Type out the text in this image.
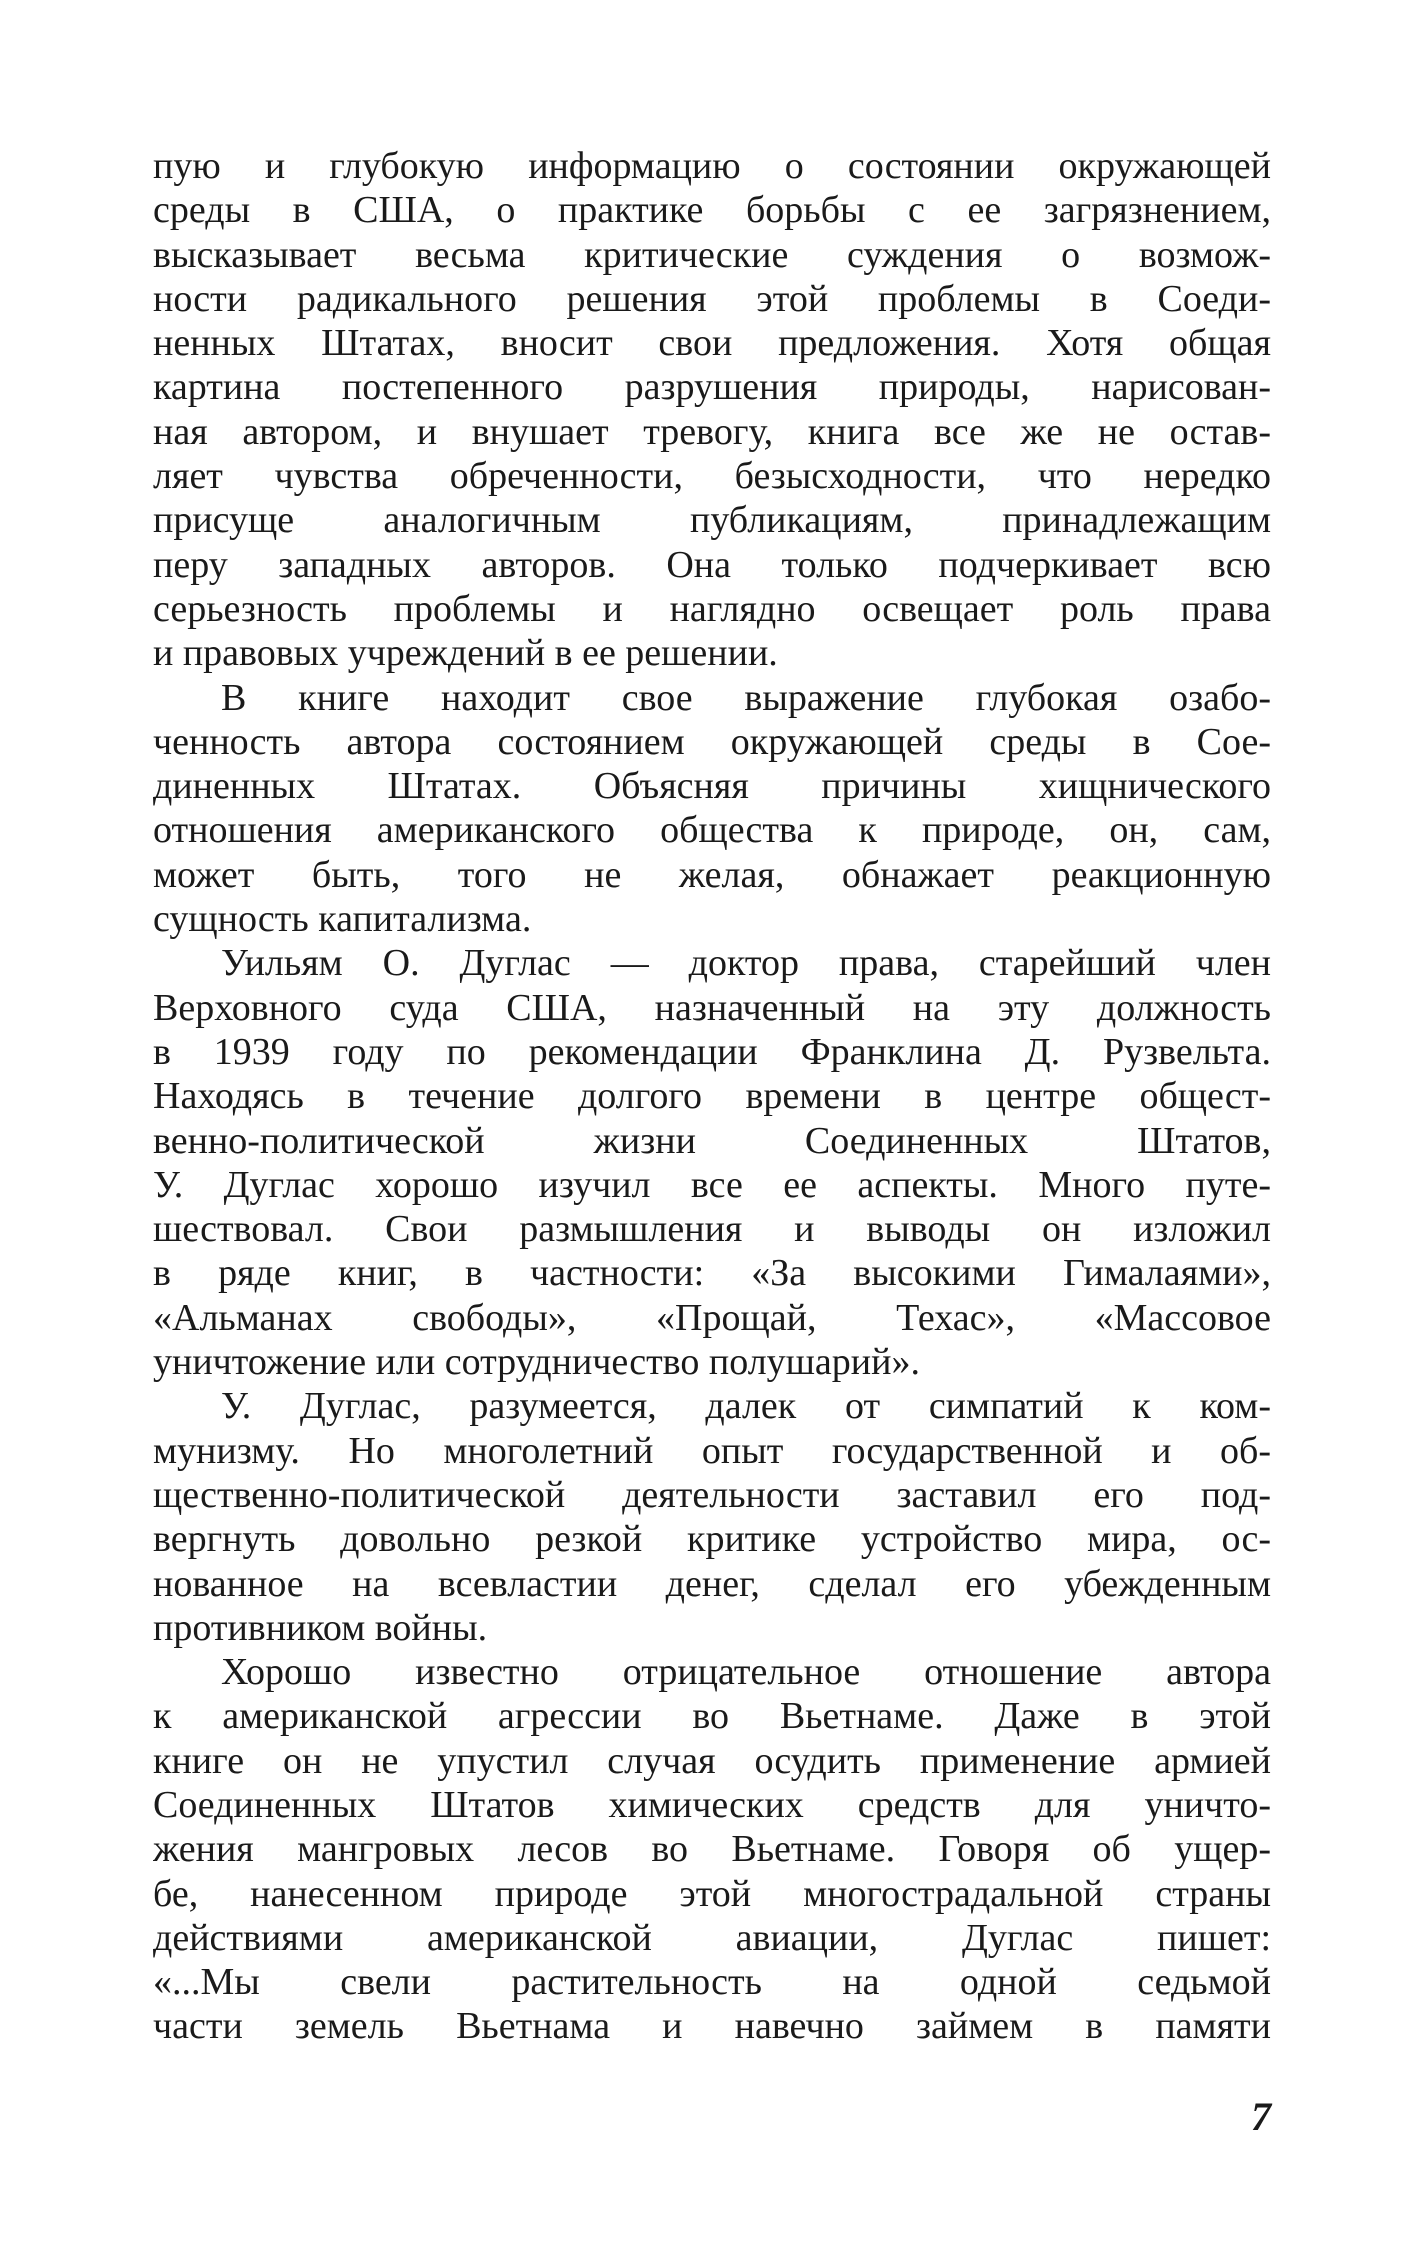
пую и глубокую информацию о состоянии окружающей
среды в США, о практике борьбы с ее загрязнением,
высказывает весьма критические суждения о возмож-
ности радикального решения этой проблемы в Соеди-
ненных Штатах, вносит свои предложения. Хотя общая
картина постепенного разрушения природы, нарисован-
ная автором, и внушает тревогу, книга все же не остав-
ляет чувства обреченности, безысходности, что нередко
присуще аналогичным публикациям, принадлежащим
перу западных авторов. Она только подчеркивает всю
серьезность проблемы и наглядно освещает роль права
и правовых учреждений в ее решении.
В книге находит свое выражение глубокая озабо-
ченность автора состоянием окружающей среды в Сое-
диненных Штатах. Объясняя причины хищнического
отношения американского общества к природе, он, сам,
может быть, того не желая, обнажает реакционную
сущность капитализма.
Уильям О. Дуглас — доктор права, старейший член
Верховного суда США, назначенный на эту должность
в 1939 году по рекомендации Франклина Д. Рузвельта.
Находясь в течение долгого времени в центре общест-
венно-политической жизни Соединенных Штатов,
У. Дуглас хорошо изучил все ее аспекты. Много путе-
шествовал. Свои размышления и выводы он изложил
в ряде книг, в частности: «За высокими Гималаями»,
«Альманах свободы», «Прощай, Техас», «Массовое
уничтожение или сотрудничество полушарий».
У. Дуглас, разумеется, далек от симпатий к ком-
мунизму. Но многолетний опыт государственной и об-
щественно-политической деятельности заставил его под-
вергнуть довольно резкой критике устройство мира, ос-
нованное на всевластии денег, сделал его убежденным
противником войны.
Хорошо известно отрицательное отношение автора
к американской агрессии во Вьетнаме. Даже в этой
книге он не упустил случая осудить применение армией
Соединенных Штатов химических средств для уничто-
жения мангровых лесов во Вьетнаме. Говоря об ущер-
бе, нанесенном природе этой многострадальной страны
действиями американской авиации, Дуглас пишет:
«...Мы свели растительность на одной седьмой
части земель Вьетнама и навечно займем в памяти
7
